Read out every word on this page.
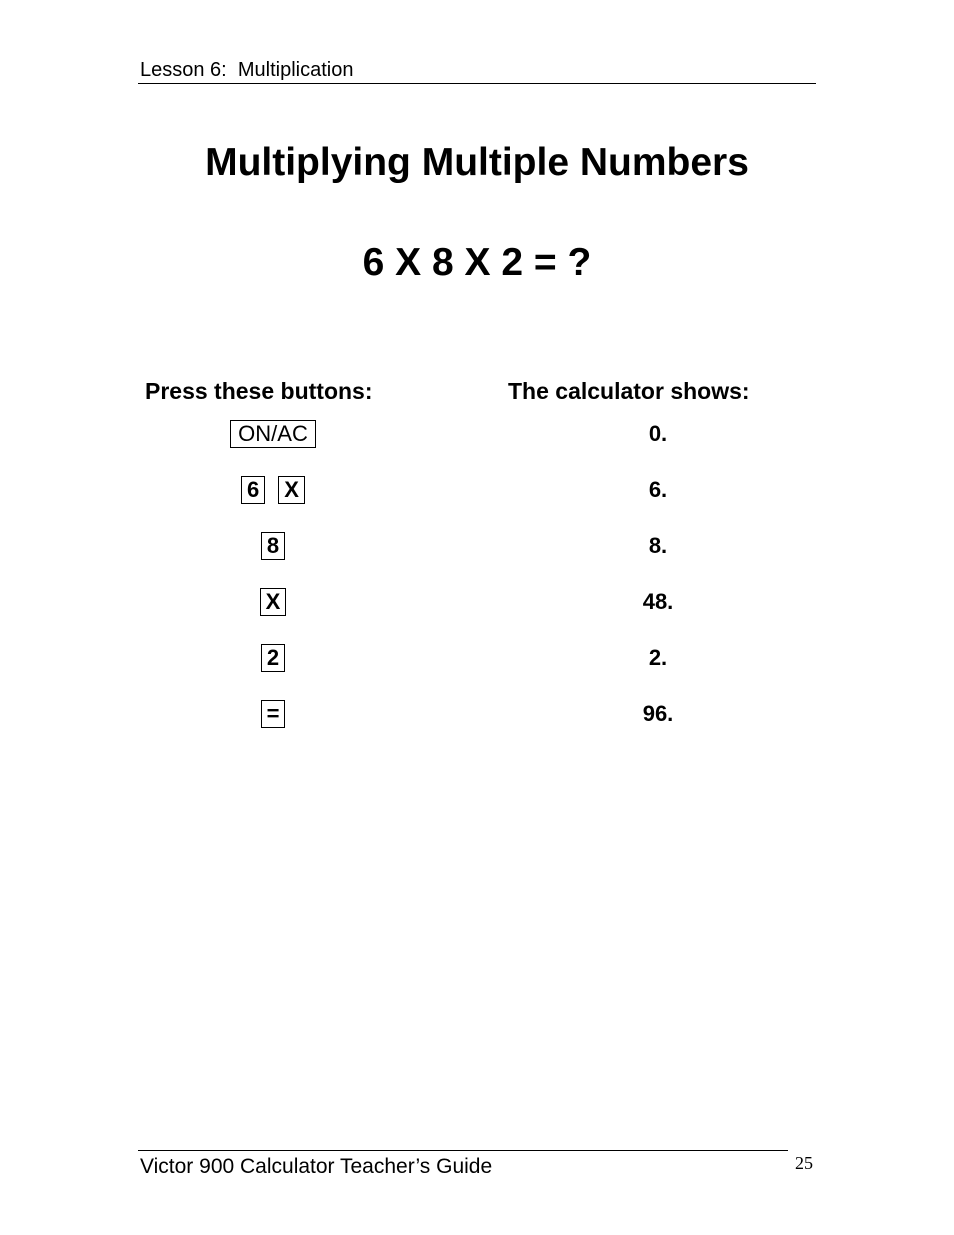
Lesson 6:  Multiplication
Multiplying Multiple Numbers
6 X 8 X 2 = ?
Press these buttons:	The calculator shows:
ON/AC	0.
6 X	6.
8	8.
X	48.
2	2.
=	96.
Victor 900 Calculator Teacher’s Guide	25
